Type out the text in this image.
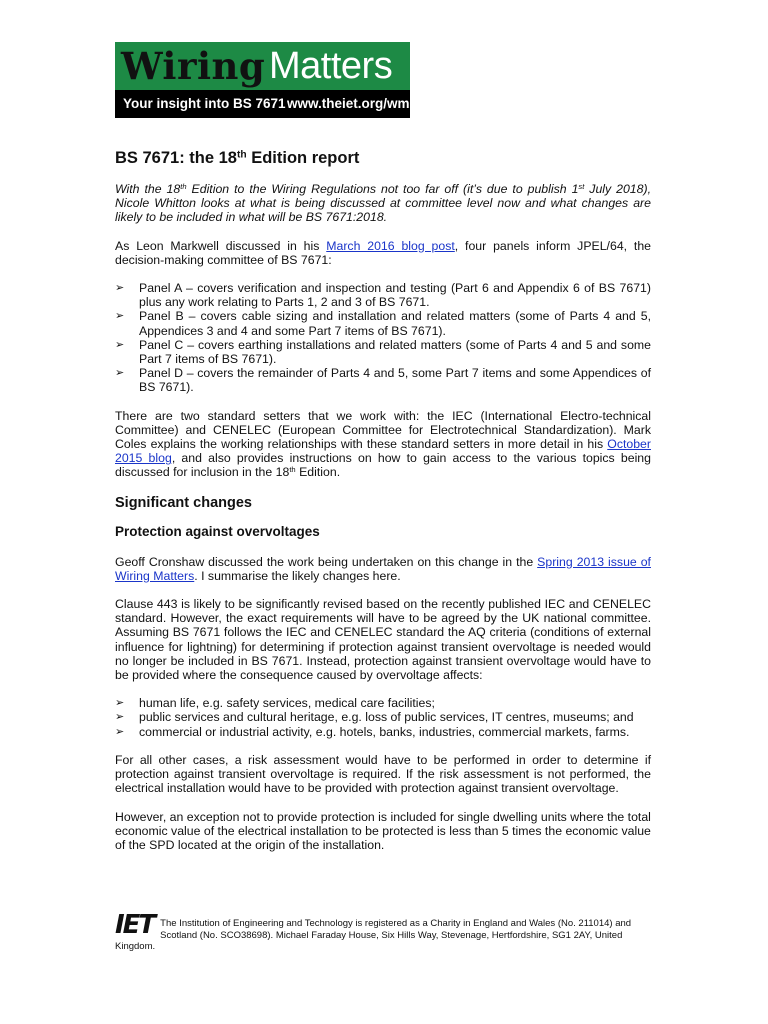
Wiring Matters
Your insight into BS 7671 www.theiet.org/wm
BS 7671: the 18th Edition report

With the 18th Edition to the Wiring Regulations not too far off (it’s due to publish 1st July 2018), Nicole Whitton looks at what is being discussed at committee level now and what changes are likely to be included in what will be BS 7671:2018.

As Leon Markwell discussed in his March 2016 blog post, four panels inform JPEL/64, the decision-making committee of BS 7671:

➢ Panel A – covers verification and inspection and testing (Part 6 and Appendix 6 of BS 7671) plus any work relating to Parts 1, 2 and 3 of BS 7671.
➢ Panel B – covers cable sizing and installation and related matters (some of Parts 4 and 5, Appendices 3 and 4 and some Part 7 items of BS 7671).
➢ Panel C – covers earthing installations and related matters (some of Parts 4 and 5 and some Part 7 items of BS 7671).
➢ Panel D – covers the remainder of Parts 4 and 5, some Part 7 items and some Appendices of BS 7671).

There are two standard setters that we work with: the IEC (International Electro-technical Committee) and CENELEC (European Committee for Electrotechnical Standardization). Mark Coles explains the working relationships with these standard setters in more detail in his October 2015 blog, and also provides instructions on how to gain access to the various topics being discussed for inclusion in the 18th Edition.

Significant changes
Protection against overvoltages

Geoff Cronshaw discussed the work being undertaken on this change in the Spring 2013 issue of Wiring Matters. I summarise the likely changes here.

Clause 443 is likely to be significantly revised based on the recently published IEC and CENELEC standard. However, the exact requirements will have to be agreed by the UK national committee. Assuming BS 7671 follows the IEC and CENELEC standard the AQ criteria (conditions of external influence for lightning) for determining if protection against transient overvoltage is needed would no longer be included in BS 7671. Instead, protection against transient overvoltage would have to be provided where the consequence caused by overvoltage affects:

➢ human life, e.g. safety services, medical care facilities;
➢ public services and cultural heritage, e.g. loss of public services, IT centres, museums; and
➢ commercial or industrial activity, e.g. hotels, banks, industries, commercial markets, farms.

For all other cases, a risk assessment would have to be performed in order to determine if protection against transient overvoltage is required. If the risk assessment is not performed, the electrical installation would have to be provided with protection against transient overvoltage.

However, an exception not to provide protection is included for single dwelling units where the total economic value of the electrical installation to be protected is less than 5 times the economic value of the SPD located at the origin of the installation.

IET The Institution of Engineering and Technology is registered as a Charity in England and Wales (No. 211014) and Scotland (No. SCO38698). Michael Faraday House, Six Hills Way, Stevenage, Hertfordshire, SG1 2AY, United Kingdom.
